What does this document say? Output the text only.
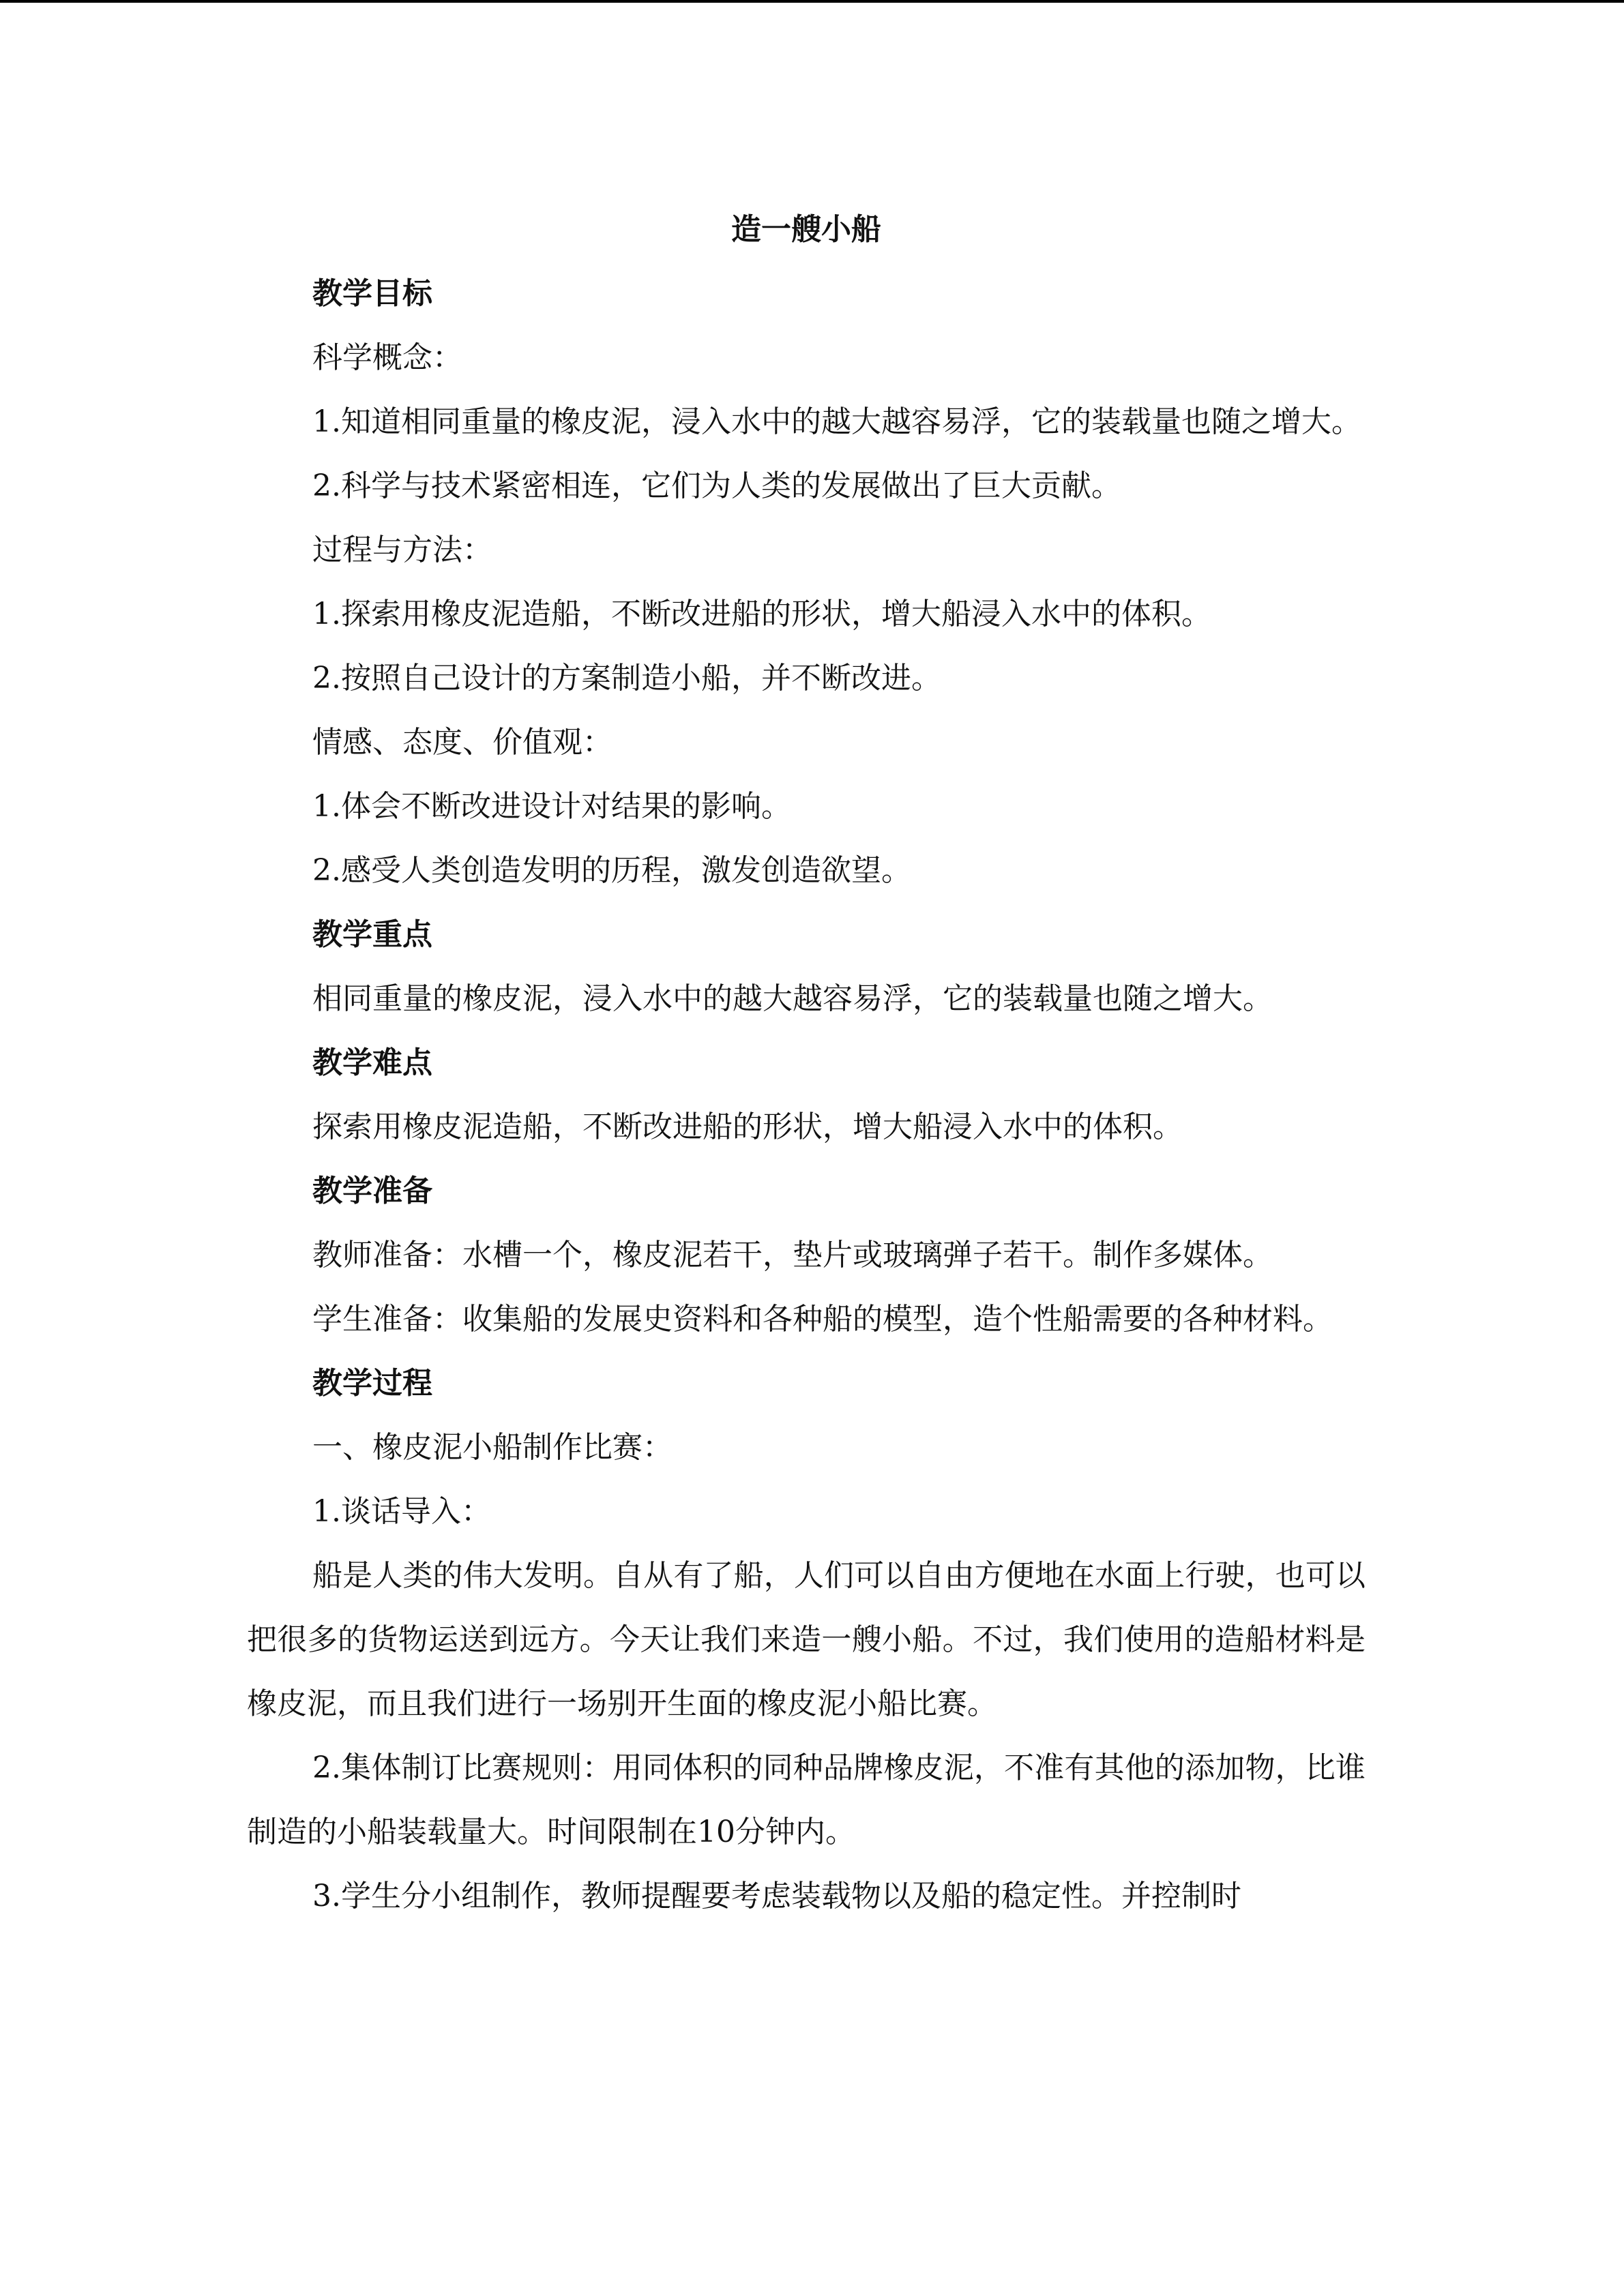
造一艘小船

教学目标

科学概念：

1.知道相同重量的橡皮泥，浸入水中的越大越容易浮，它的装载量也随之增大。

2.科学与技术紧密相连，它们为人类的发展做出了巨大贡献。

过程与方法：

1.探索用橡皮泥造船，不断改进船的形状，增大船浸入水中的体积。

2.按照自己设计的方案制造小船，并不断改进。

情感、态度、价值观：

1.体会不断改进设计对结果的影响。

2.感受人类创造发明的历程，激发创造欲望。

教学重点

相同重量的橡皮泥，浸入水中的越大越容易浮，它的装载量也随之增大。

教学难点

探索用橡皮泥造船，不断改进船的形状，增大船浸入水中的体积。

教学准备

教师准备：水槽一个，橡皮泥若干，垫片或玻璃弹子若干。制作多媒体。

学生准备：收集船的发展史资料和各种船的模型，造个性船需要的各种材料。

教学过程

一、橡皮泥小船制作比赛：

1.谈话导入：

船是人类的伟大发明。自从有了船，人们可以自由方便地在水面上行驶，也可以把很多的货物运送到远方。今天让我们来造一艘小船。不过，我们使用的造船材料是橡皮泥，而且我们进行一场别开生面的橡皮泥小船比赛。

2.集体制订比赛规则：用同体积的同种品牌橡皮泥，不准有其他的添加物，比谁制造的小船装载量大。时间限制在10分钟内。

3.学生分小组制作，教师提醒要考虑装载物以及船的稳定性。并控制时
